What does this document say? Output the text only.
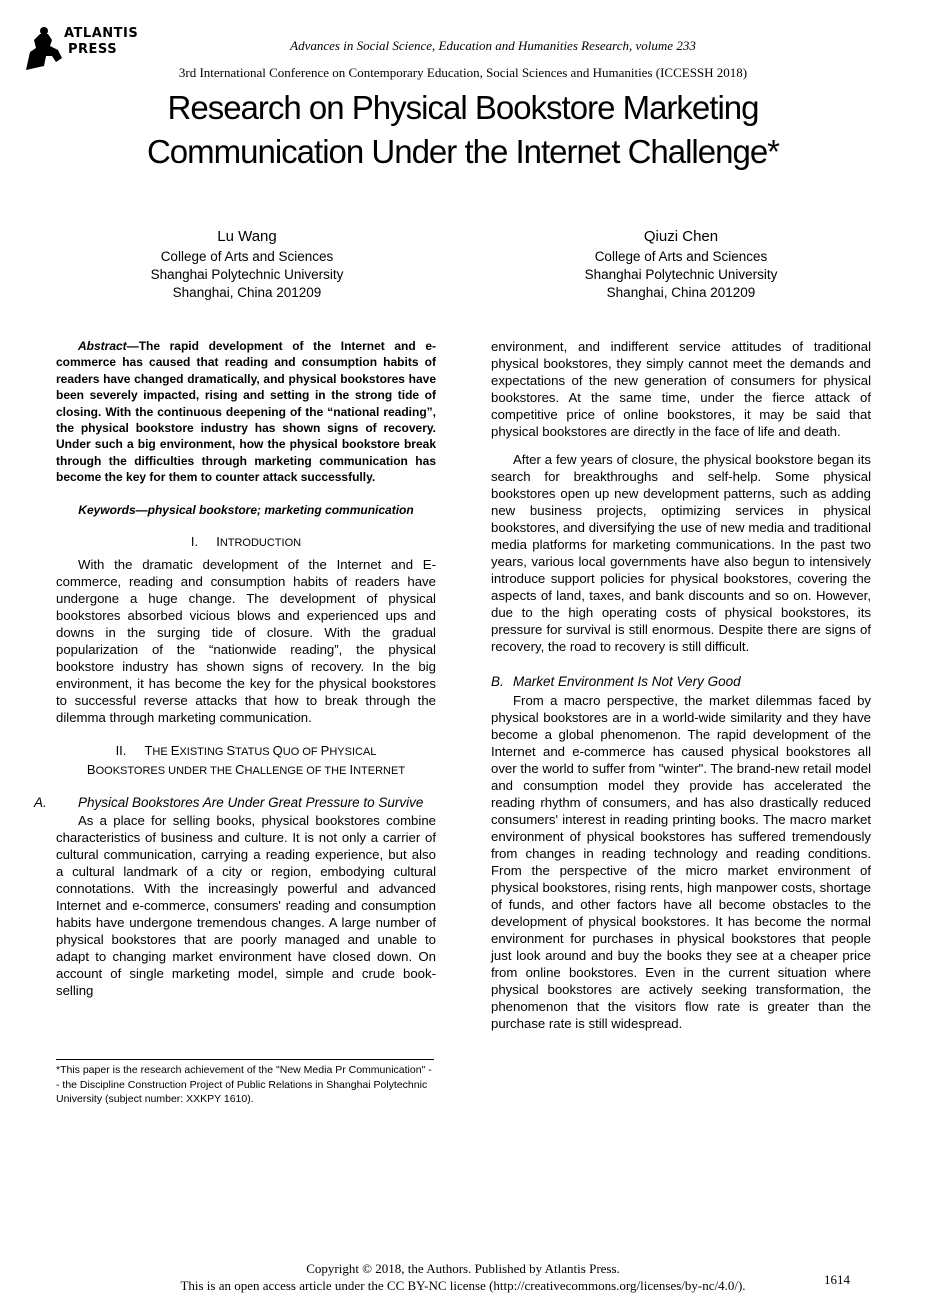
ATLANTIS
PRESS	Advances in Social Science, Education and Humanities Research, volume 233
3rd International Conference on Contemporary Education, Social Sciences and Humanities (ICCESSH 2018)
Research on Physical Bookstore Marketing
Communication Under the Internet Challenge*
Lu Wang
College of Arts and Sciences
Shanghai Polytechnic University
Shanghai, China 201209
Qiuzi Chen
College of Arts and Sciences
Shanghai Polytechnic University
Shanghai, China 201209

Abstract—The rapid development of the Internet and e-commerce has caused that reading and consumption habits of readers have changed dramatically, and physical bookstores have been severely impacted, rising and setting in the strong tide of closing. With the continuous deepening of the “national reading”, the physical bookstore industry has shown signs of recovery. Under such a big environment, how the physical bookstore break through the difficulties through marketing communication has become the key for them to counter attack successfully.

Keywords—physical bookstore; marketing communication

I. INTRODUCTION

With the dramatic development of the Internet and E-commerce, reading and consumption habits of readers have undergone a huge change. The development of physical bookstores absorbed vicious blows and experienced ups and downs in the surging tide of closure. With the gradual popularization of the “nationwide reading”, the physical bookstore industry has shown signs of recovery. In the big environment, it has become the key for the physical bookstores to successful reverse attacks that how to break through the dilemma through marketing communication.

II. THE EXISTING STATUS QUO OF PHYSICAL
BOOKSTORES UNDER THE CHALLENGE OF THE INTERNET

A. Physical Bookstores Are Under Great Pressure to Survive

As a place for selling books, physical bookstores combine characteristics of business and culture. It is not only a carrier of cultural communication, carrying a reading experience, but also a cultural landmark of a city or region, embodying cultural connotations. With the increasingly powerful and advanced Internet and e-commerce, consumers' reading and consumption habits have undergone tremendous changes. A large number of physical bookstores that are poorly managed and unable to adapt to changing market environment have closed down. On account of single marketing model, simple and crude book-selling

*This paper is the research achievement of the "New Media Pr Communication" -- the Discipline Construction Project of Public Relations in Shanghai Polytechnic University (subject number: XXKPY 1610).

environment, and indifferent service attitudes of traditional physical bookstores, they simply cannot meet the demands and expectations of the new generation of consumers for physical bookstores. At the same time, under the fierce attack of competitive price of online bookstores, it may be said that physical bookstores are directly in the face of life and death.

After a few years of closure, the physical bookstore began its search for breakthroughs and self-help. Some physical bookstores open up new development patterns, such as adding new business projects, optimizing services in physical bookstores, and diversifying the use of new media and traditional media platforms for marketing communications. In the past two years, various local governments have also begun to intensively introduce support policies for physical bookstores, covering the aspects of land, taxes, and bank discounts and so on. However, due to the high operating costs of physical bookstores, its pressure for survival is still enormous. Despite there are signs of recovery, the road to recovery is still difficult.

B. Market Environment Is Not Very Good

From a macro perspective, the market dilemmas faced by physical bookstores are in a world-wide similarity and they have become a global phenomenon. The rapid development of the Internet and e-commerce has caused physical bookstores all over the world to suffer from "winter". The brand-new retail model and consumption model they provide has accelerated the reading rhythm of consumers, and has also drastically reduced consumers' interest in reading printing books. The macro market environment of physical bookstores has suffered tremendously from changes in reading technology and reading conditions. From the perspective of the micro market environment of physical bookstores, rising rents, high manpower costs, shortage of funds, and other factors have all become obstacles to the development of physical bookstores. It has become the normal environment for purchases in physical bookstores that people just look around and buy the books they see at a cheaper price from online bookstores. Even in the current situation where physical bookstores are actively seeking transformation, the phenomenon that the visitors flow rate is greater than the purchase rate is still widespread.

Copyright © 2018, the Authors. Published by Atlantis Press.
This is an open access article under the CC BY-NC license (http://creativecommons.org/licenses/by-nc/4.0/).	1614
